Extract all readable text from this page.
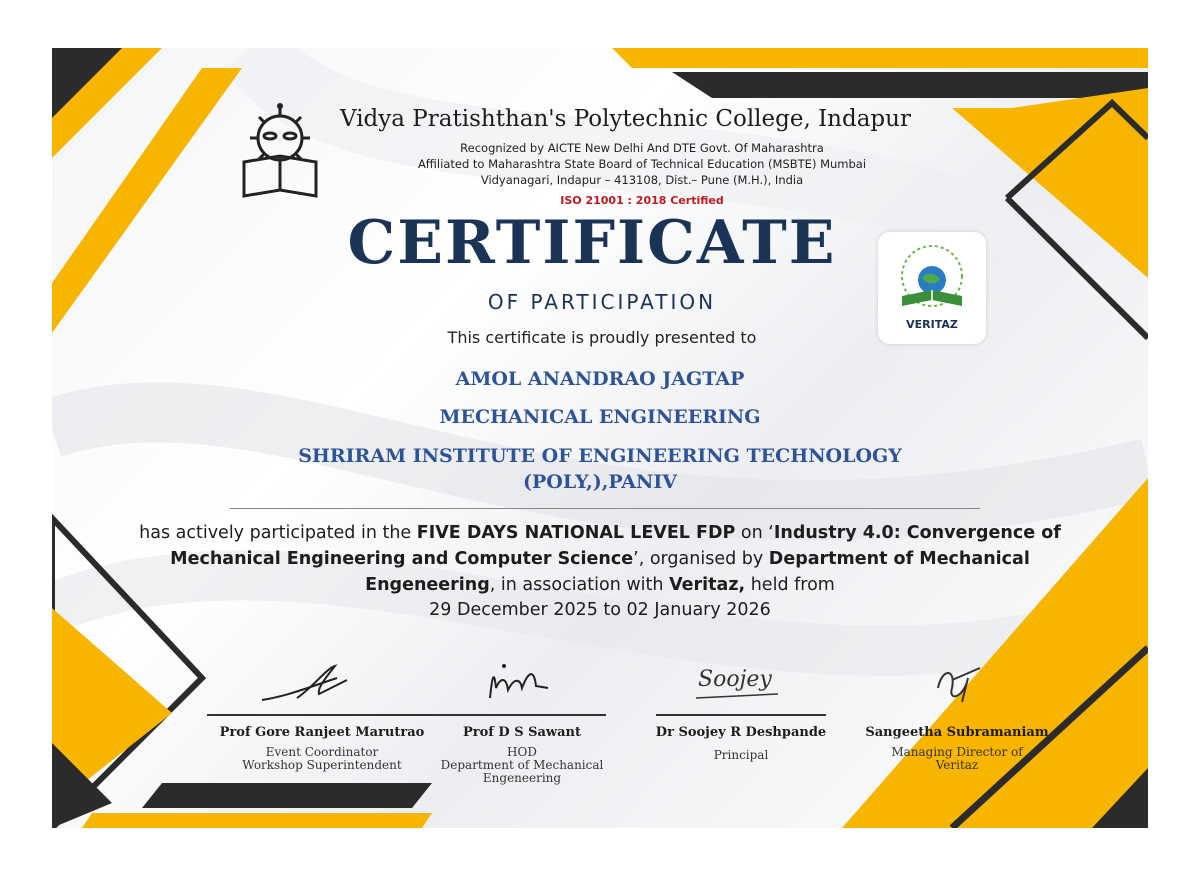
Vidya Pratishthan's Polytechnic College, Indapur

Recognized by AICTE New Delhi And DTE Govt. Of Maharashtra

Affiliated to Maharashtra State Board of Technical Education (MSBTE) Mumbai

Vidyanagari, Indapur – 413108, Dist.– Pune (M.H.), India

ISO 21001 : 2018 Certified

CERTIFICATE

OF PARTICIPATION

This certificate is proudly presented to

AMOL ANANDRAO JAGTAP

MECHANICAL ENGINEERING

SHRIRAM INSTITUTE OF ENGINEERING TECHNOLOGY
(POLY,),PANIV

has actively participated in the FIVE DAYS NATIONAL LEVEL FDP on ‘Industry 4.0: Convergence of Mechanical Engineering and Computer Science’, organised by Department of Mechanical Engeneering, in association with Veritaz, held from

29 December 2025 to 02 January 2026

VERITAZ
Prof Gore Ranjeet Marutrao
Event Coordinator
Workshop Superintendent
Prof D S Sawant
HOD
Department of Mechanical
Engeneering
Soojey
Dr Soojey R Deshpande
Principal
Sangeetha Subramaniam
Managing Director of
Veritaz
